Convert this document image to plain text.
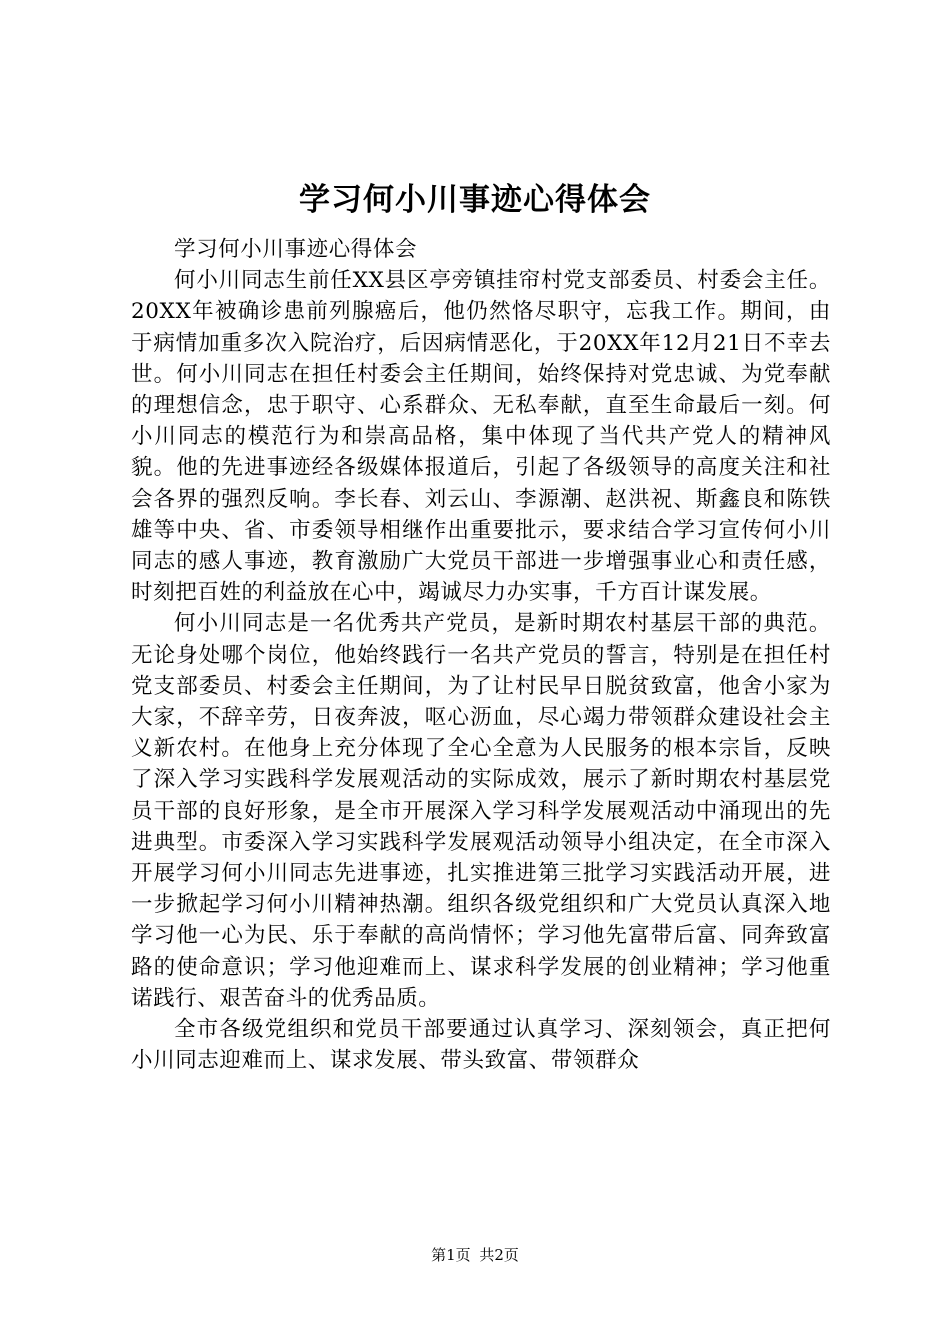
学习何小川事迹心得体会

学习何小川事迹心得体会

何小川同志生前任XX县区亭旁镇挂帘村党支部委员、村委会主任。20XX年被确诊患前列腺癌后，他仍然恪尽职守，忘我工作。期间，由于病情加重多次入院治疗，后因病情恶化，于20XX年12月21日不幸去世。何小川同志在担任村委会主任期间，始终保持对党忠诚、为党奉献的理想信念，忠于职守、心系群众、无私奉献，直至生命最后一刻。何小川同志的模范行为和崇高品格，集中体现了当代共产党人的精神风貌。他的先进事迹经各级媒体报道后，引起了各级领导的高度关注和社会各界的强烈反响。李长春、刘云山、李源潮、赵洪祝、斯鑫良和陈铁雄等中央、省、市委领导相继作出重要批示，要求结合学习宣传何小川同志的感人事迹，教育激励广大党员干部进一步增强事业心和责任感，时刻把百姓的利益放在心中，竭诚尽力办实事，千方百计谋发展。

何小川同志是一名优秀共产党员，是新时期农村基层干部的典范。无论身处哪个岗位，他始终践行一名共产党员的誓言，特别是在担任村党支部委员、村委会主任期间，为了让村民早日脱贫致富，他舍小家为大家，不辞辛劳，日夜奔波，呕心沥血，尽心竭力带领群众建设社会主义新农村。在他身上充分体现了全心全意为人民服务的根本宗旨，反映了深入学习实践科学发展观活动的实际成效，展示了新时期农村基层党员干部的良好形象，是全市开展深入学习科学发展观活动中涌现出的先进典型。市委深入学习实践科学发展观活动领导小组决定，在全市深入开展学习何小川同志先进事迹，扎实推进第三批学习实践活动开展，进一步掀起学习何小川精神热潮。组织各级党组织和广大党员认真深入地学习他一心为民、乐于奉献的高尚情怀；学习他先富带后富、同奔致富路的使命意识；学习他迎难而上、谋求科学发展的创业精神；学习他重诺践行、艰苦奋斗的优秀品质。

全市各级党组织和党员干部要通过认真学习、深刻领会，真正把何小川同志迎难而上、谋求发展、带头致富、带领群众

第1页 共2页
